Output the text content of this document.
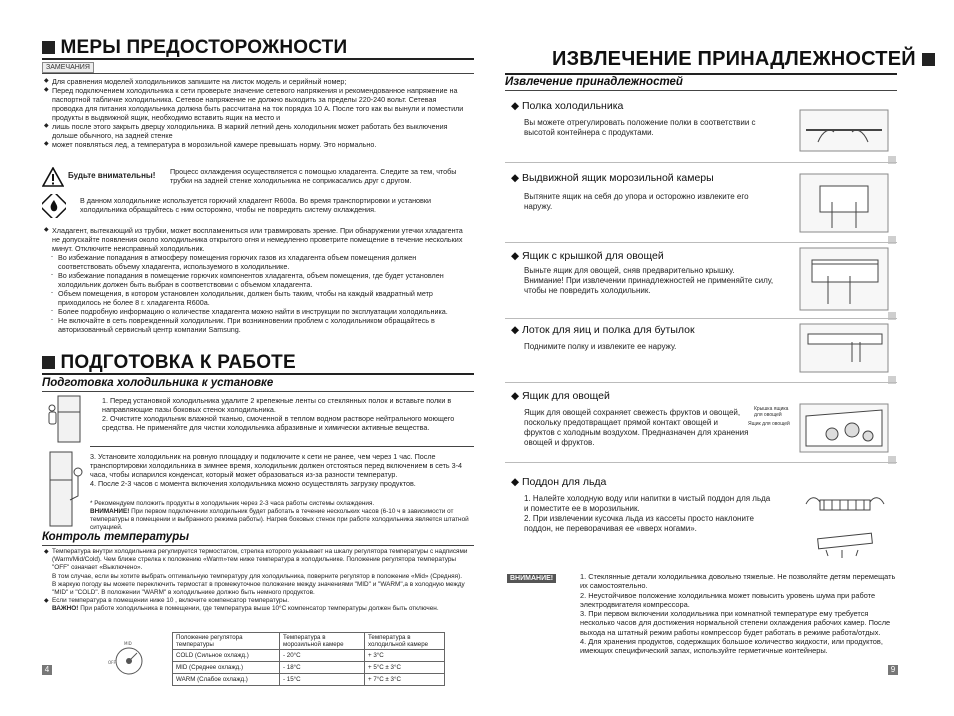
МЕРЫ ПРЕДОСТОРОЖНОСТИ
ЗАМЕЧАНИЯ
◆ Для сравнения моделей холодильников запишите на листок модель и серийный номер;
◆ Перед подключением холодильника к сети проверьте значение сетевого напряжения и рекомендованное напряжение на паспортной табличке холодильника. Сетевое напряжение не должно выходить за пределы 220-240 вольт. Сетевая проводка для питания холодильника должна быть рассчитана на ток порядка 10 А. После того как вы вынули и поместили продукты в выдвижной ящик, необходимо вставить ящик на место и
◆ лишь после этого закрыть дверцу холодильника. В жаркий летний день холодильник может работать без выключения дольше обычного, на задней стенке
◆ может появляться лед, а температура в морозильной камере превышать норму. Это нормально.
Будьте внимательны! Процесс охлаждения осуществляется с помощью хладагента. Следите за тем, чтобы трубки на задней стенке холодильника не соприкасались друг с другом.
В данном холодильнике используется горючий хладагент R600a. Во время транспортировки и установки холодильника обращайтесь с ним осторожно, чтобы не повредить систему охлаждения.
◆ Хладагент, вытекающий из трубки, может воспламениться или травмировать зрение. При обнаружении утечки хладагента не допускайте появления около холодильника открытого огня и немедленно проветрите помещение в течение нескольких минут. Отключите неисправный холодильник.
- Во избежание попадания в атмосферу помещения горючих газов из хладагента объем помещения должен соответствовать объему хладагента, используемого в холодильнике.
- Во избежание попадания в помещение горючих компонентов хладагента, объем помещения, где будет установлен холодильник должен быть выбран в соответствовии с объемом хладагента.
- Объем помещения, в котором установлен холодильник, должен быть таким, чтобы на каждый квадратный метр приходилось не более 8 г. хладагента R600a.
- Более подробную информацию о количестве хладагента можно найти в инструкции по эксплуатации холодильника.
- Не включайте в сеть поврежденный холодильник. При возникновении проблем с холодильником обращайтесь в авторизованный сервисный центр компании Samsung.
ПОДГОТОВКА К РАБОТЕ
Подготовка холодильника к установке
1. Перед установкой холодильника удалите 2 крепежные ленты со стеклянных полок и вставьте полки в направляющие пазы боковых стенок холодильника.
2. Очистите холодильник влажной тканью, смоченной в теплом водном растворе нейтрального моющего средства. Не применяйте для чистки холодильника абразивные и химически активные вещества.
3. Установите холодильник на ровную площадку и подключите к сети не ранее, чем через 1 час. После транспортировки холодильника в зимнее время, холодильник должен отстояться перед включением в сеть 3-4 часа, чтобы испарился конденсат, который может образоваться из-за разности температур.
4. После 2-3 часов с момента включения холодильника можно осуществлять загрузку продуктов.
* Рекомендуем положить продукты в холодильник через 2-3 часа работы системы охлаждения.
ВНИМАНИЕ! При первом подключении холодильник будет работать в течение нескольких часов (6-10 ч в зависимости от температуры в помещении и выбранного режима работы). Нагрев боковых стенок при работе холодильника является штатной ситуацией.
Контроль температуры
◆ Температура внутри холодильника регулируется термостатом, стрелка которого указывает на шкалу регулятора температуры с надписями (Warm/Mid/Cold). Чем ближе стрелка к положению «Warm»тем ниже температура в холодильнике. Положение регулятора температуры "OFF" означает «Выключено».
В том случае, если вы хотите выбрать оптимальную температуру для холодильника, поверните регулятор в положение «Mid» (Средняя).
В жаркую погоду вы можете переключить термостат в промежуточное положение между значениями "MID" и "WARM",а в холодную между "MID" и "COLD". В положении "WARM" в холодильнике должно быть немного продуктов.
◆ Если температура в помещении ниже 10 , включите компенсатор температуры.
ВАЖНО! При работе холодильника в помещении, где температура выше 10°С компенсатор температуры должен быть отключен.
MID
OFF
Положение регулятора температуры	Температура в морозильной камере	Температура в холодильной камере
COLD (Сильное охлажд.)	- 20°C	+ 3°C
MID (Среднее охлажд.)	- 18°C	+ 5°C ± 3°C
WARM (Слабое охлажд.)	- 15°C	+ 7°C ± 3°C
4
ИЗВЛЕЧЕНИЕ ПРИНАДЛЕЖНОСТЕЙ
Извлечение принадлежностей
◆ Полка холодильника
Вы можете отрегулировать положение полки в соответствии с высотой контейнера с продуктами.
◆ Выдвижной ящик морозильной камеры
Вытяните ящик на себя до упора и осторожно извлеките его наружу.
◆ Ящик с крышкой для овощей
Выньте ящик для овощей, сняв предварительно крышку. Внимание! При извлечении принадлежностей не применяйте силу, чтобы не повредить холодильник.
◆ Лоток для яиц и полка для бутылок
Поднимите полку и извлеките ее наружу.
◆ Ящик для овощей
Ящик для овощей сохраняет свежесть фруктов и овощей, поскольку предотвращает прямой контакт овощей и фруктов с холодным воздухом. Предназначен для хранения овощей и фруктов.
Крышка ящика для овощей
Ящик для овощей
◆ Поддон для льда
1. Налейте холодную воду или напитки в чистый поддон для льда и поместите ее в морозильник.
2. При извлечении кусочка льда из кассеты просто наклоните поддон, не переворачивая ее «вверх ногами».
ВНИМАНИЕ!	1. Стеклянные детали холодильника довольно тяжелые. Не позволяйте детям перемещать их самостоятельно.
2. Неустойчивое положение холодильника может повысить уровень шума при работе электродвигателя компрессора.
3. При первом включении холодильника при комнатной температуре ему требуется несколько часов для достижения нормальной степени охлаждения рабочих камер. После выхода на штатный режим работы компрессор будет работать в режиме работа/отдых.
4. Для хранения продуктов, содержащих большое количество жидкости, или продуктов, имеющих специфический запах, используйте герметичные контейнеры.
9
